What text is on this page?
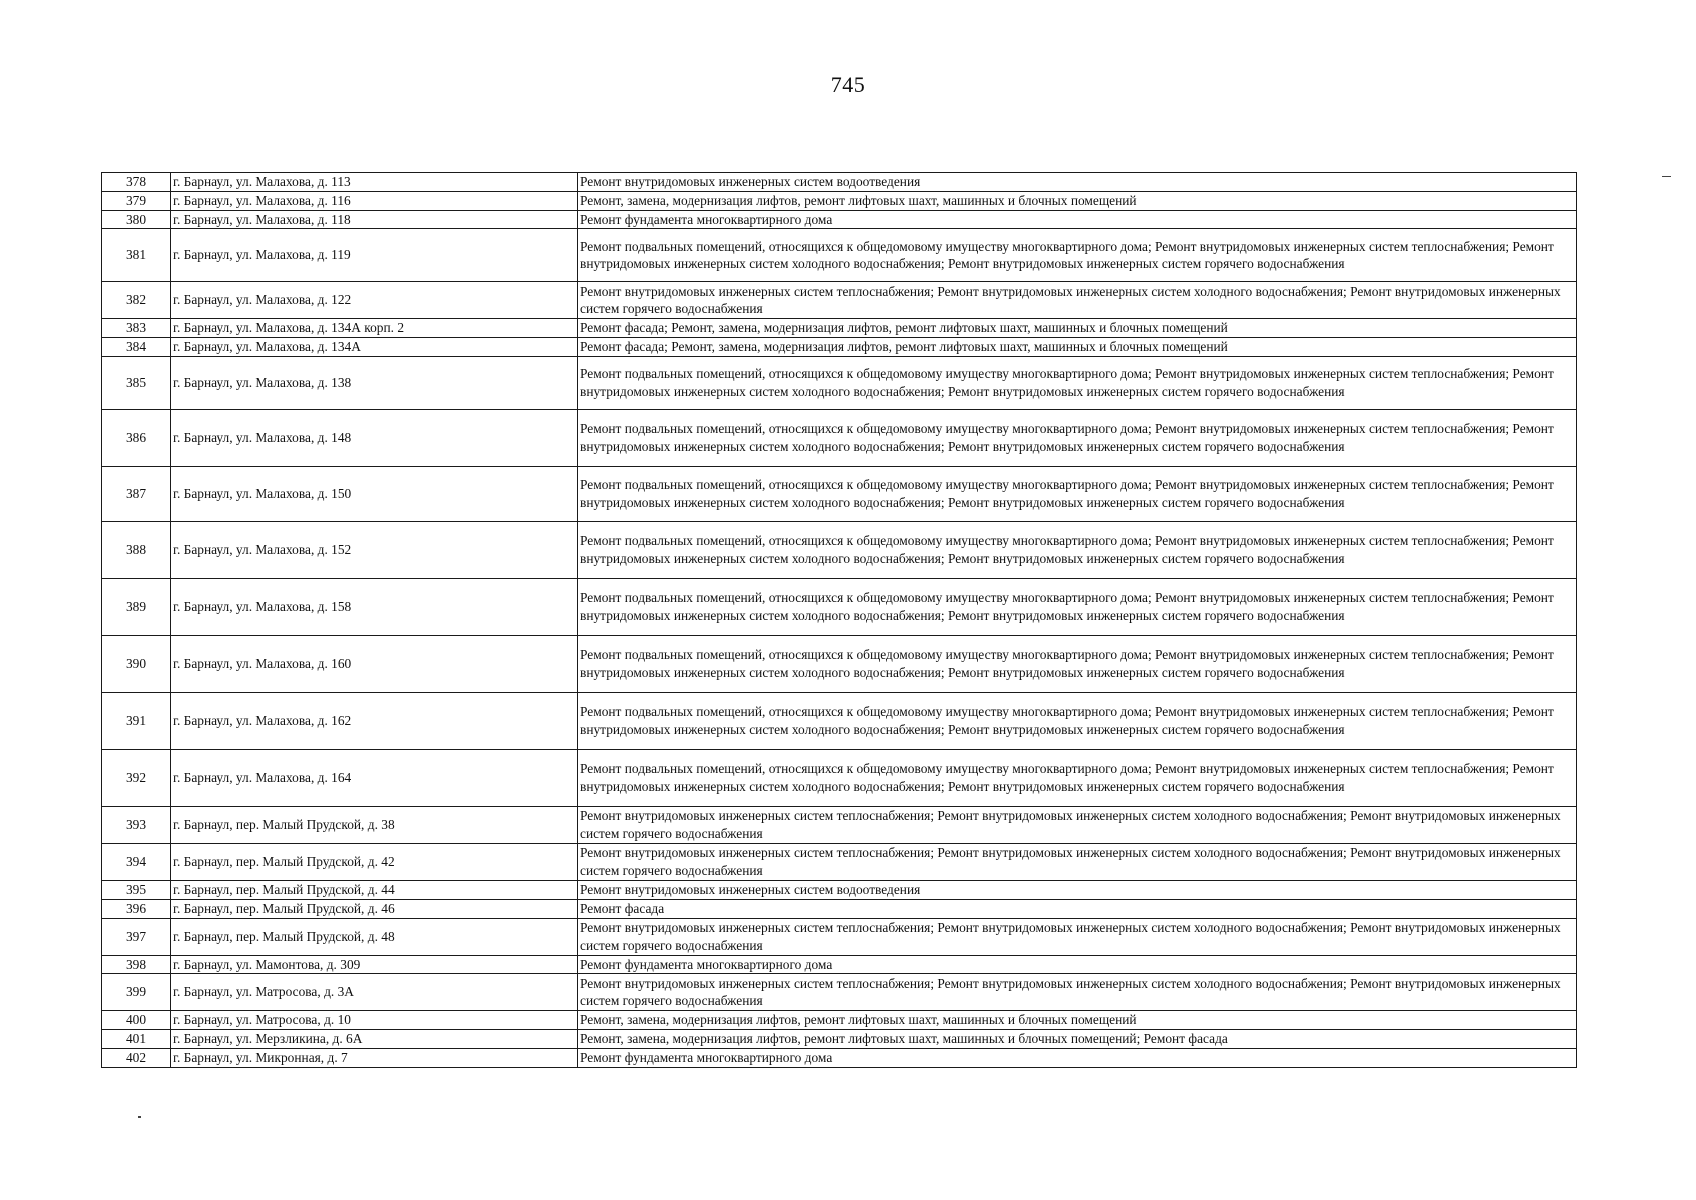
745
378	г. Барнаул, ул. Малахова, д. 113	Ремонт внутридомовых инженерных систем водоотведения
379	г. Барнаул, ул. Малахова, д. 116	Ремонт, замена, модернизация лифтов, ремонт лифтовых шахт, машинных и блочных помещений
380	г. Барнаул, ул. Малахова, д. 118	Ремонт фундамента многоквартирного дома
381	г. Барнаул, ул. Малахова, д. 119	Ремонт подвальных помещений, относящихся к общедомовому имуществу многоквартирного дома; Ремонт внутридомовых инженерных систем теплоснабжения; Ремонт внутридомовых инженерных систем холодного водоснабжения; Ремонт внутридомовых инженерных систем горячего водоснабжения
382	г. Барнаул, ул. Малахова, д. 122	Ремонт внутридомовых инженерных систем теплоснабжения; Ремонт внутридомовых инженерных систем холодного водоснабжения; Ремонт внутридомовых инженерных систем горячего водоснабжения
383	г. Барнаул, ул. Малахова, д. 134А корп. 2	Ремонт фасада; Ремонт, замена, модернизация лифтов, ремонт лифтовых шахт, машинных и блочных помещений
384	г. Барнаул, ул. Малахова, д. 134А	Ремонт фасада; Ремонт, замена, модернизация лифтов, ремонт лифтовых шахт, машинных и блочных помещений
385	г. Барнаул, ул. Малахова, д. 138	Ремонт подвальных помещений, относящихся к общедомовому имуществу многоквартирного дома; Ремонт внутридомовых инженерных систем теплоснабжения; Ремонт внутридомовых инженерных систем холодного водоснабжения; Ремонт внутридомовых инженерных систем горячего водоснабжения
386	г. Барнаул, ул. Малахова, д. 148	Ремонт подвальных помещений, относящихся к общедомовому имуществу многоквартирного дома; Ремонт внутридомовых инженерных систем теплоснабжения; Ремонт внутридомовых инженерных систем холодного водоснабжения; Ремонт внутридомовых инженерных систем горячего водоснабжения
387	г. Барнаул, ул. Малахова, д. 150	Ремонт подвальных помещений, относящихся к общедомовому имуществу многоквартирного дома; Ремонт внутридомовых инженерных систем теплоснабжения; Ремонт внутридомовых инженерных систем холодного водоснабжения; Ремонт внутридомовых инженерных систем горячего водоснабжения
388	г. Барнаул, ул. Малахова, д. 152	Ремонт подвальных помещений, относящихся к общедомовому имуществу многоквартирного дома; Ремонт внутридомовых инженерных систем теплоснабжения; Ремонт внутридомовых инженерных систем холодного водоснабжения; Ремонт внутридомовых инженерных систем горячего водоснабжения
389	г. Барнаул, ул. Малахова, д. 158	Ремонт подвальных помещений, относящихся к общедомовому имуществу многоквартирного дома; Ремонт внутридомовых инженерных систем теплоснабжения; Ремонт внутридомовых инженерных систем холодного водоснабжения; Ремонт внутридомовых инженерных систем горячего водоснабжения
390	г. Барнаул, ул. Малахова, д. 160	Ремонт подвальных помещений, относящихся к общедомовому имуществу многоквартирного дома; Ремонт внутридомовых инженерных систем теплоснабжения; Ремонт внутридомовых инженерных систем холодного водоснабжения; Ремонт внутридомовых инженерных систем горячего водоснабжения
391	г. Барнаул, ул. Малахова, д. 162	Ремонт подвальных помещений, относящихся к общедомовому имуществу многоквартирного дома; Ремонт внутридомовых инженерных систем теплоснабжения; Ремонт внутридомовых инженерных систем холодного водоснабжения; Ремонт внутридомовых инженерных систем горячего водоснабжения
392	г. Барнаул, ул. Малахова, д. 164	Ремонт подвальных помещений, относящихся к общедомовому имуществу многоквартирного дома; Ремонт внутридомовых инженерных систем теплоснабжения; Ремонт внутридомовых инженерных систем холодного водоснабжения; Ремонт внутридомовых инженерных систем горячего водоснабжения
393	г. Барнаул, пер. Малый Прудской, д. 38	Ремонт внутридомовых инженерных систем теплоснабжения; Ремонт внутридомовых инженерных систем холодного водоснабжения; Ремонт внутридомовых инженерных систем горячего водоснабжения
394	г. Барнаул, пер. Малый Прудской, д. 42	Ремонт внутридомовых инженерных систем теплоснабжения; Ремонт внутридомовых инженерных систем холодного водоснабжения; Ремонт внутридомовых инженерных систем горячего водоснабжения
395	г. Барнаул, пер. Малый Прудской, д. 44	Ремонт внутридомовых инженерных систем водоотведения
396	г. Барнаул, пер. Малый Прудской, д. 46	Ремонт фасада
397	г. Барнаул, пер. Малый Прудской, д. 48	Ремонт внутридомовых инженерных систем теплоснабжения; Ремонт внутридомовых инженерных систем холодного водоснабжения; Ремонт внутридомовых инженерных систем горячего водоснабжения
398	г. Барнаул, ул. Мамонтова, д. 309	Ремонт фундамента многоквартирного дома
399	г. Барнаул, ул. Матросова, д. 3А	Ремонт внутридомовых инженерных систем теплоснабжения; Ремонт внутридомовых инженерных систем холодного водоснабжения; Ремонт внутридомовых инженерных систем горячего водоснабжения
400	г. Барнаул, ул. Матросова, д. 10	Ремонт, замена, модернизация лифтов, ремонт лифтовых шахт, машинных и блочных помещений
401	г. Барнаул, ул. Мерзликина, д. 6А	Ремонт, замена, модернизация лифтов, ремонт лифтовых шахт, машинных и блочных помещений; Ремонт фасада
402	г. Барнаул, ул. Микронная, д. 7	Ремонт фундамента многоквартирного дома
